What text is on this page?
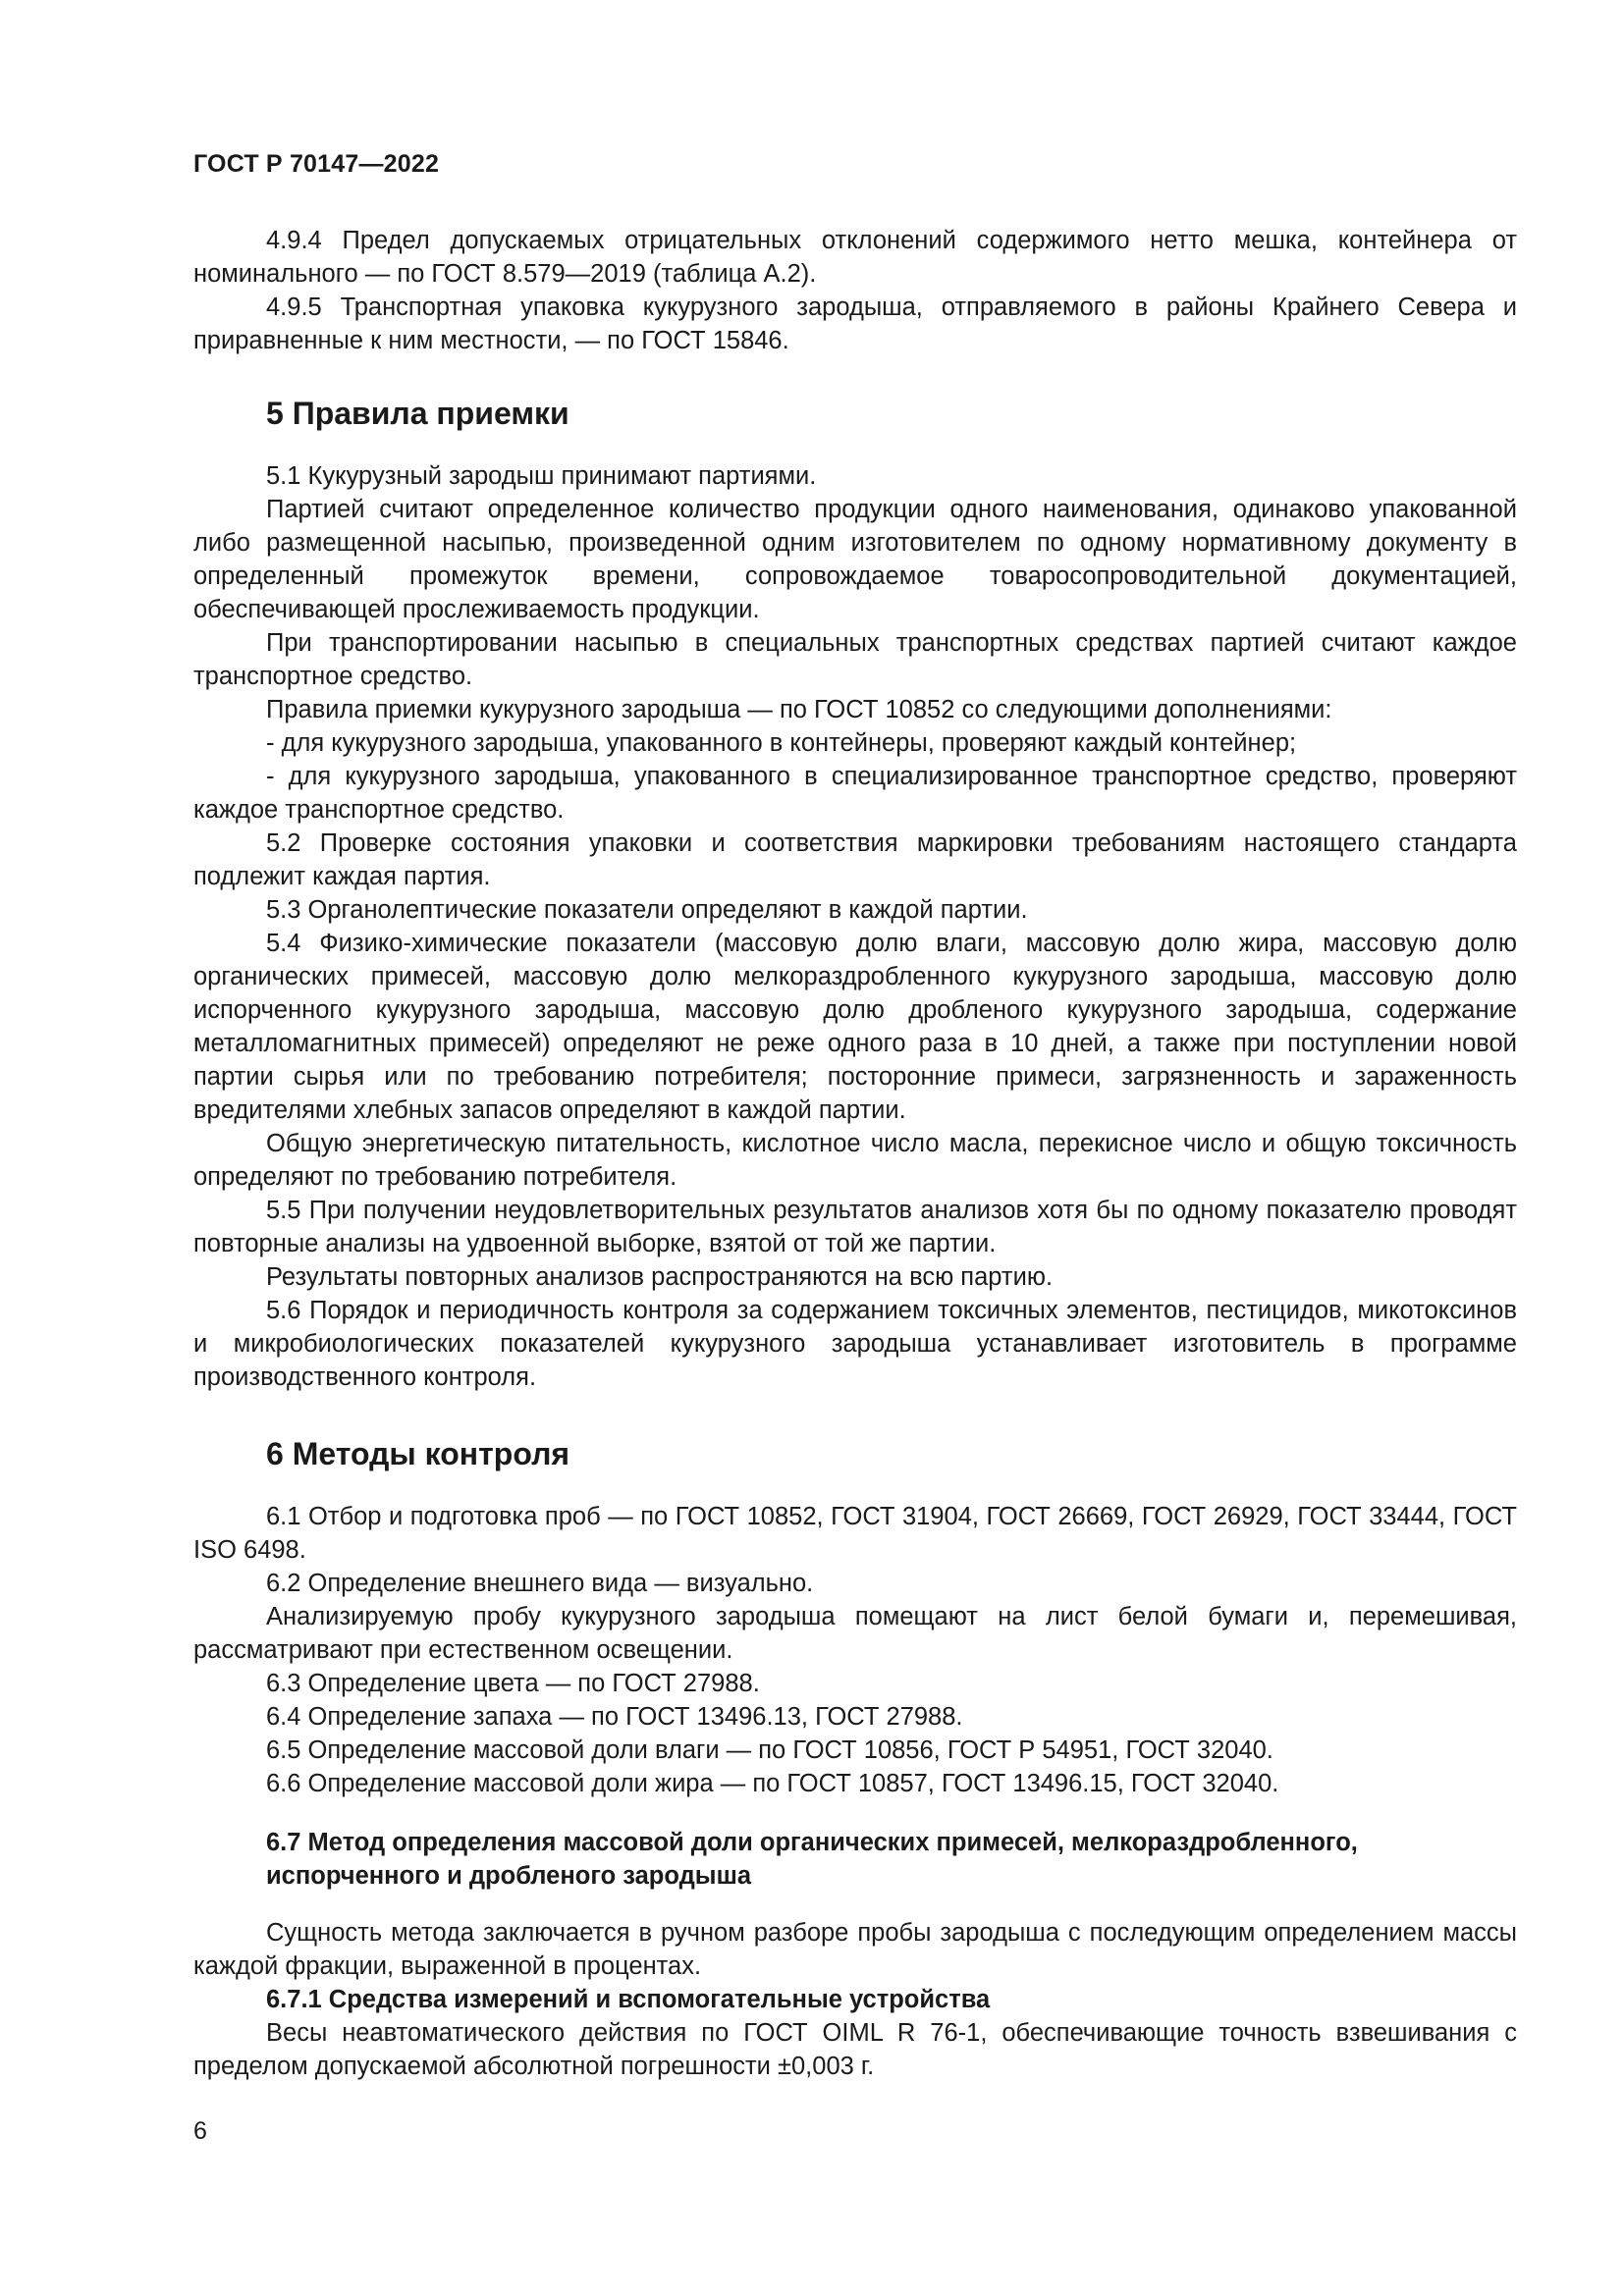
ГОСТ Р 70147—2022

4.9.4 Предел допускаемых отрицательных отклонений содержимого нетто мешка, контейнера от номинального — по ГОСТ 8.579—2019 (таблица А.2).

4.9.5 Транспортная упаковка кукурузного зародыша, отправляемого в районы Крайнего Севера и приравненные к ним местности, — по ГОСТ 15846.

5 Правила приемки

5.1 Кукурузный зародыш принимают партиями.

Партией считают определенное количество продукции одного наименования, одинаково упакованной либо размещенной насыпью, произведенной одним изготовителем по одному нормативному документу в определенный промежуток времени, сопровождаемое товаросопроводительной документацией, обеспечивающей прослеживаемость продукции.

При транспортировании насыпью в специальных транспортных средствах партией считают каждое транспортное средство.

Правила приемки кукурузного зародыша — по ГОСТ 10852 со следующими дополнениями:

- для кукурузного зародыша, упакованного в контейнеры, проверяют каждый контейнер;

- для кукурузного зародыша, упакованного в специализированное транспортное средство, проверяют каждое транспортное средство.

5.2 Проверке состояния упаковки и соответствия маркировки требованиям настоящего стандарта подлежит каждая партия.

5.3 Органолептические показатели определяют в каждой партии.

5.4 Физико-химические показатели (массовую долю влаги, массовую долю жира, массовую долю органических примесей, массовую долю мелкораздробленного кукурузного зародыша, массовую долю испорченного кукурузного зародыша, массовую долю дробленого кукурузного зародыша, содержание металломагнитных примесей) определяют не реже одного раза в 10 дней, а также при поступлении новой партии сырья или по требованию потребителя; посторонние примеси, загрязненность и зараженность вредителями хлебных запасов определяют в каждой партии.

Общую энергетическую питательность, кислотное число масла, перекисное число и общую токсичность определяют по требованию потребителя.

5.5 При получении неудовлетворительных результатов анализов хотя бы по одному показателю проводят повторные анализы на удвоенной выборке, взятой от той же партии.

Результаты повторных анализов распространяются на всю партию.

5.6 Порядок и периодичность контроля за содержанием токсичных элементов, пестицидов, микотоксинов и микробиологических показателей кукурузного зародыша устанавливает изготовитель в программе производственного контроля.

6 Методы контроля

6.1 Отбор и подготовка проб — по ГОСТ 10852, ГОСТ 31904, ГОСТ 26669, ГОСТ 26929, ГОСТ 33444, ГОСТ ISO 6498.

6.2 Определение внешнего вида — визуально.

Анализируемую пробу кукурузного зародыша помещают на лист белой бумаги и, перемешивая, рассматривают при естественном освещении.

6.3 Определение цвета — по ГОСТ 27988.

6.4 Определение запаха — по ГОСТ 13496.13, ГОСТ 27988.

6.5 Определение массовой доли влаги — по ГОСТ 10856, ГОСТ Р 54951, ГОСТ 32040.

6.6 Определение массовой доли жира — по ГОСТ 10857, ГОСТ 13496.15, ГОСТ 32040.

6.7 Метод определения массовой доли органических примесей, мелкораздробленного, испорченного и дробленого зародыша

Сущность метода заключается в ручном разборе пробы зародыша с последующим определением массы каждой фракции, выраженной в процентах.

6.7.1 Средства измерений и вспомогательные устройства

Весы неавтоматического действия по ГОСТ OIML R 76-1, обеспечивающие точность взвешивания с пределом допускаемой абсолютной погрешности ±0,003 г.

6
